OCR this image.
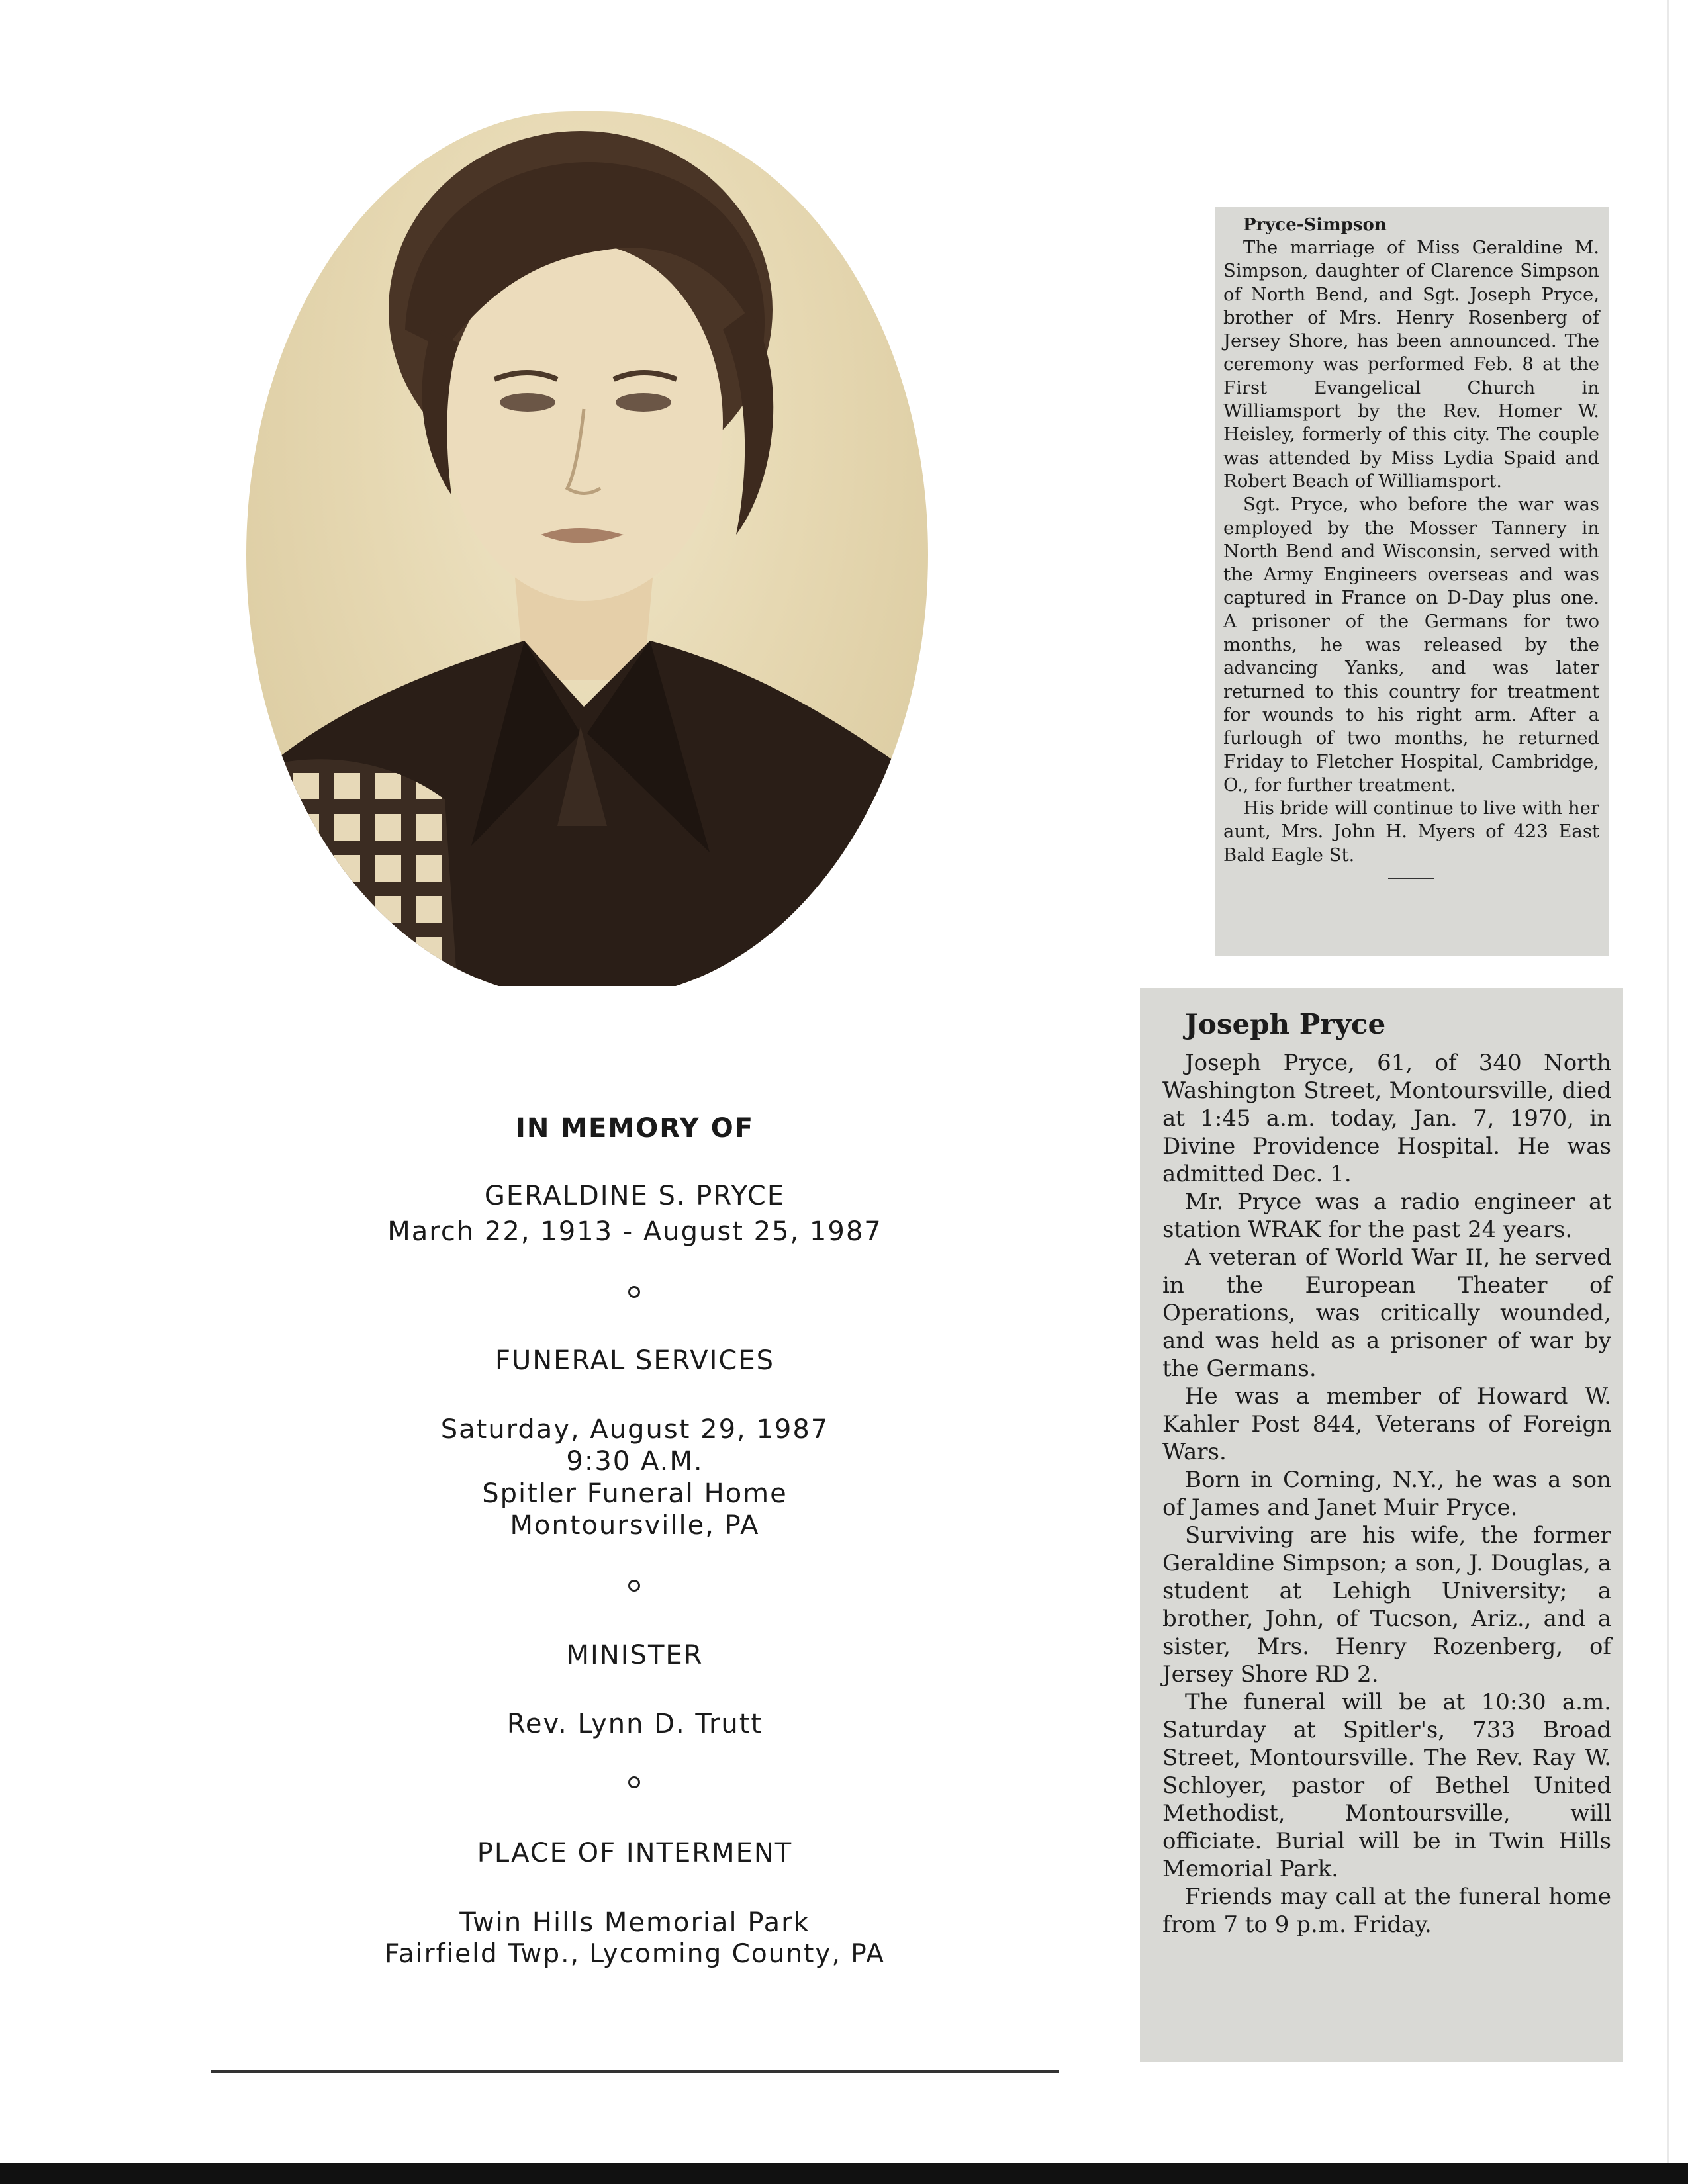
IN MEMORY OF
GERALDINE S. PRYCE
March 22, 1913 - August 25, 1987
FUNERAL SERVICES
Saturday, August 29, 1987
9:30 A.M.
Spitler Funeral Home
Montoursville, PA
MINISTER
Rev. Lynn D. Trutt
PLACE OF INTERMENT
Twin Hills Memorial Park
Fairfield Twp., Lycoming County, PA

Pryce-Simpson

The marriage of Miss Geraldine M. Simpson, daughter of Clarence Simpson of North Bend, and Sgt. Joseph Pryce, brother of Mrs. Henry Rosenberg of Jersey Shore, has been announced. The ceremony was performed Feb. 8 at the First Evangelical Church in Williamsport by the Rev. Homer W. Heisley, formerly of this city. The couple was attended by Miss Lydia Spaid and Robert Beach of Williamsport.

Sgt. Pryce, who before the war was employed by the Mosser Tannery in North Bend and Wisconsin, served with the Army Engineers overseas and was captured in France on D-Day plus one. A prisoner of the Germans for two months, he was released by the advancing Yanks, and was later returned to this country for treatment for wounds to his right arm. After a furlough of two months, he returned Friday to Fletcher Hospital, Cambridge, O., for further treatment.

His bride will continue to live with her aunt, Mrs. John H. Myers of 423 East Bald Eagle St.

Joseph Pryce

Joseph Pryce, 61, of 340 North Washington Street, Montoursville, died at 1:45 a.m. today, Jan. 7, 1970, in Divine Providence Hospital. He was admitted Dec. 1.

Mr. Pryce was a radio engineer at station WRAK for the past 24 years.

A veteran of World War II, he served in the European Theater of Operations, was critically wounded, and was held as a prisoner of war by the Germans.

He was a member of Howard W. Kahler Post 844, Veterans of Foreign Wars.

Born in Corning, N.Y., he was a son of James and Janet Muir Pryce.

Surviving are his wife, the former Geraldine Simpson; a son, J. Douglas, a student at Lehigh University; a brother, John, of Tucson, Ariz., and a sister, Mrs. Henry Rozenberg, of Jersey Shore RD 2.

The funeral will be at 10:30 a.m. Saturday at Spitler's, 733 Broad Street, Montoursville. The Rev. Ray W. Schloyer, pastor of Bethel United Methodist, Montoursville, will officiate. Burial will be in Twin Hills Memorial Park.

Friends may call at the funeral home from 7 to 9 p.m. Friday.
